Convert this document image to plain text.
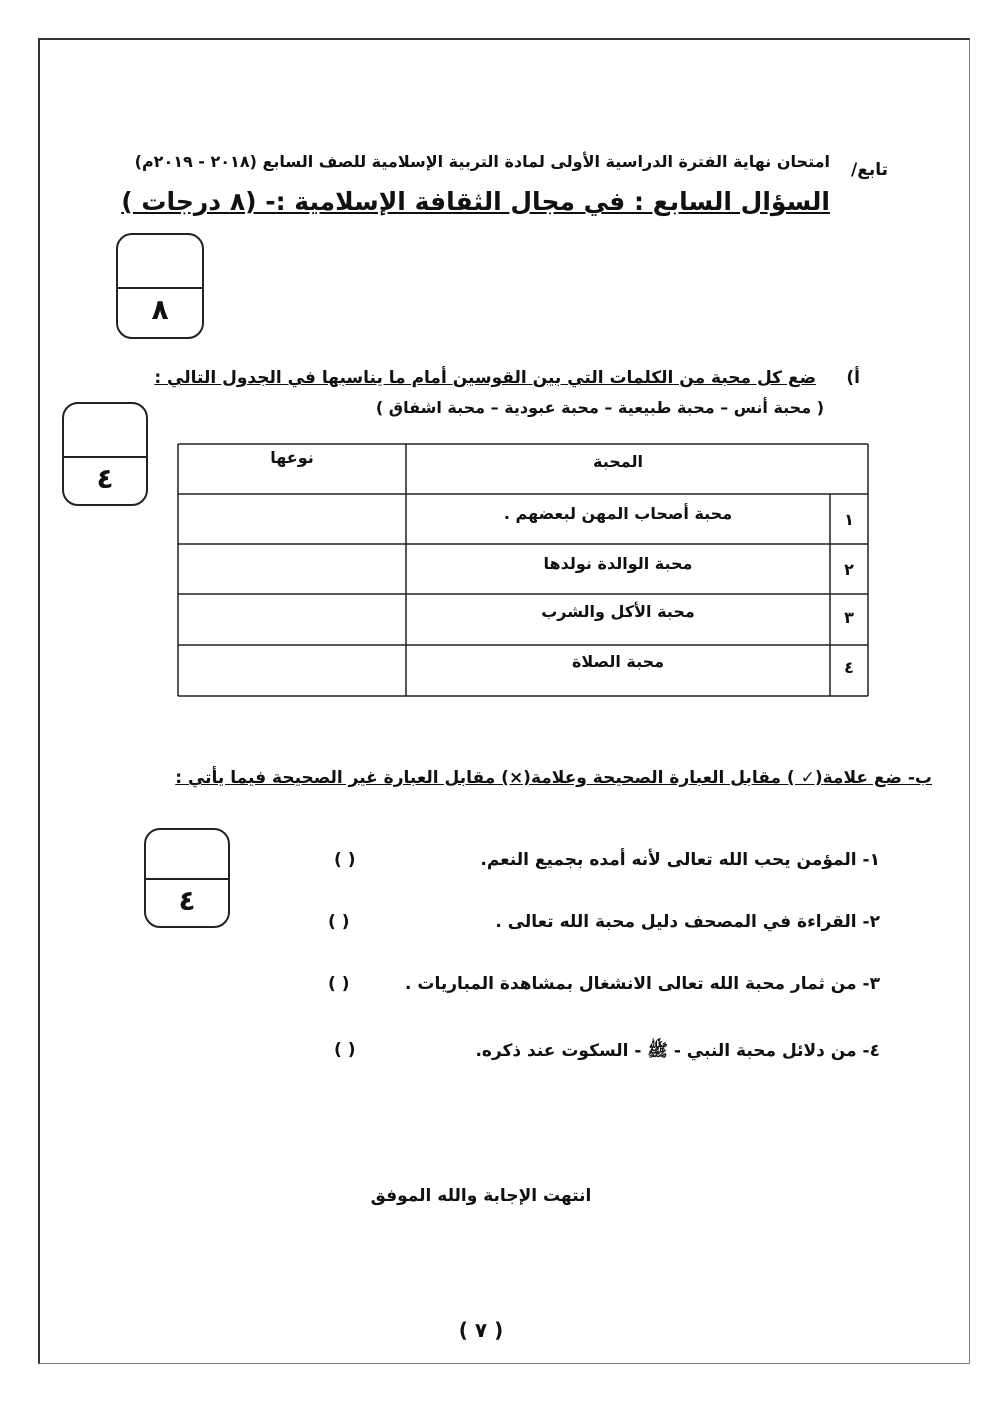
تابع/
امتحان نهاية الفترة الدراسية الأولى لمادة التربية الإسلامية للصف السابع (٢٠١٨ - ٢٠١٩م)
السؤال السابع : في مجال الثقافة الإسلامية :- (٨ درجات )
٨
أ)
ضع كل محبة من الكلمات التي بين القوسين أمام ما يناسبها في الجدول التالي :
( محبة أنس – محبة طبيعية – محبة عبودية – محبة اشفاق )
٤
المحبة
نوعها
١
محبة أصحاب المهن لبعضهم .
٢
محبة الوالدة نولدها
٣
محبة الأكل والشرب
٤
محبة الصلاة
ب- ضع علامة(✓ ) مقابل العبارة الصحيحة وعلامة(×) مقابل العبارة غير الصحيحة فيما يأتي :
٤
١- المؤمن يحب الله تعالى لأنه أمده بجميع النعم.
( )
٢- القراءة في المصحف دليل محبة الله تعالى .
( )
٣- من ثمار محبة الله تعالى الانشغال بمشاهدة المباريات .
( )
٤- من دلائل محبة النبي - ﷺ - السكوت عند ذكره.
( )
انتهت الإجابة والله الموفق
( ٧ )
